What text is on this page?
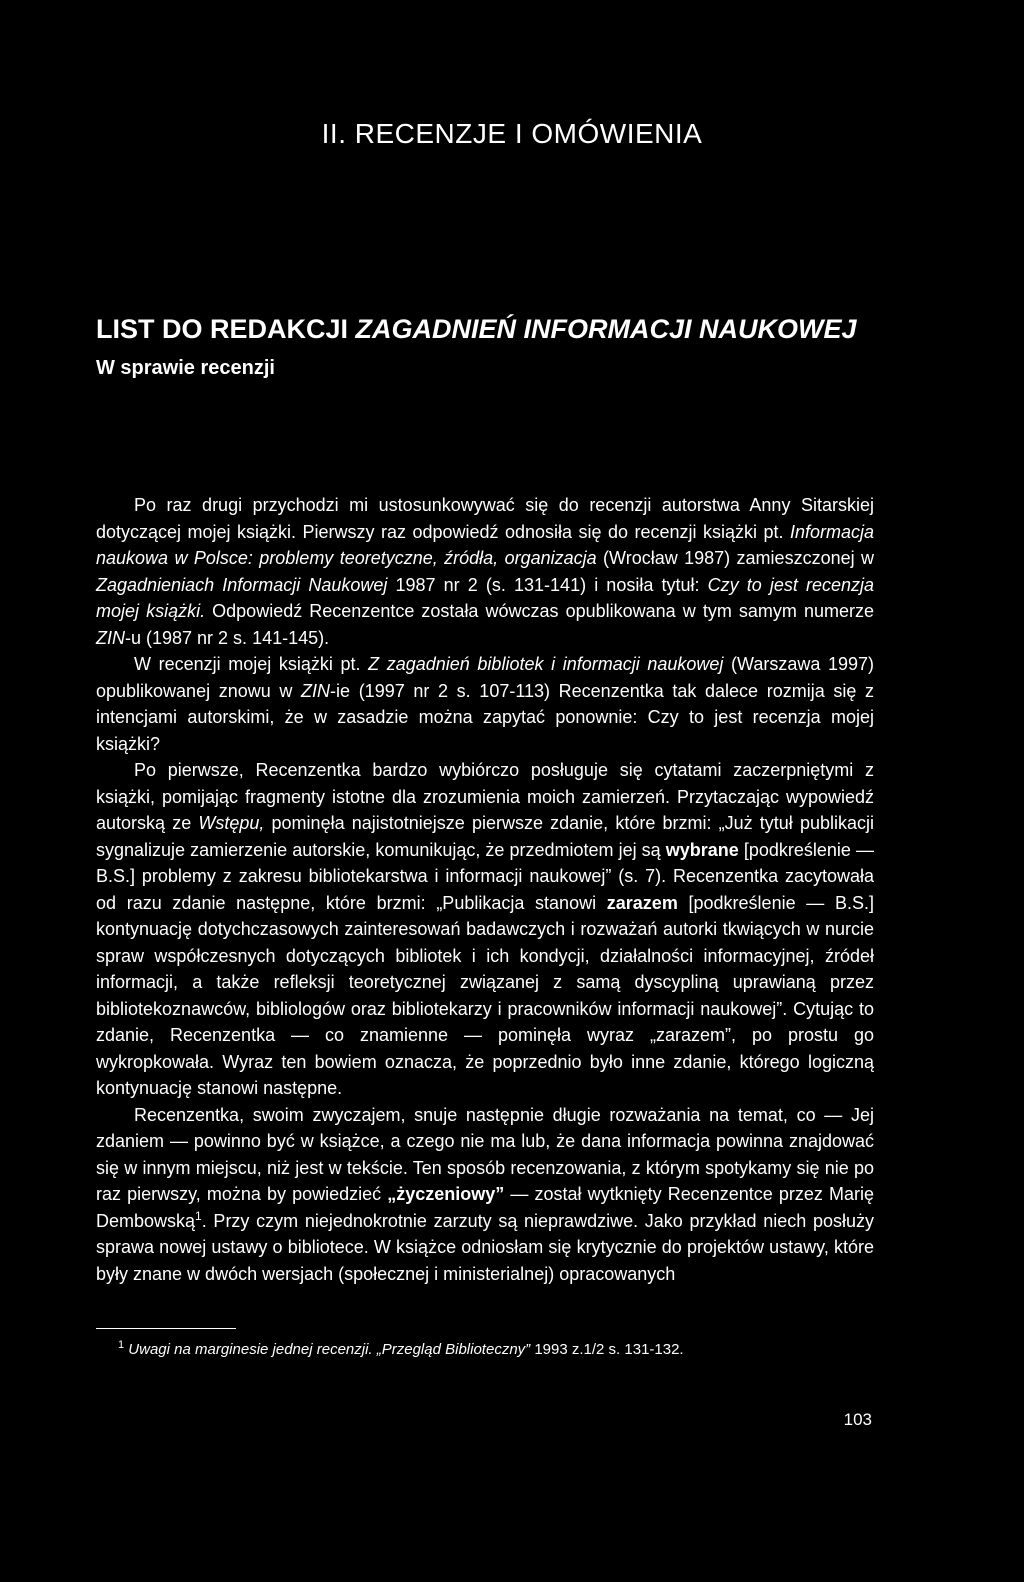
II. RECENZJE I OMÓWIENIA
LIST DO REDAKCJI ZAGADNIEŃ INFORMACJI NAUKOWEJ
W sprawie recenzji

Po raz drugi przychodzi mi ustosunkowywać się do recenzji autorstwa Anny Sitarskiej dotyczącej mojej książki. Pierwszy raz odpowiedź odnosiła się do recenzji książki pt. Informacja naukowa w Polsce: problemy teoretyczne, źródła, organizacja (Wrocław 1987) zamieszczonej w Zagadnieniach Informacji Naukowej 1987 nr 2 (s. 131-141) i nosiła tytuł: Czy to jest recenzja mojej książki. Odpowiedź Recenzentce została wówczas opublikowana w tym samym numerze ZIN-u (1987 nr 2 s. 141-145).

W recenzji mojej książki pt. Z zagadnień bibliotek i informacji naukowej (Warszawa 1997) opublikowanej znowu w ZIN-ie (1997 nr 2 s. 107-113) Recenzentka tak dalece rozmija się z intencjami autorskimi, że w zasadzie można zapytać ponownie: Czy to jest recenzja mojej książki?

Po pierwsze, Recenzentka bardzo wybiórczo posługuje się cytatami zaczerpniętymi z książki, pomijając fragmenty istotne dla zrozumienia moich zamierzeń. Przytaczając wypowiedź autorską ze Wstępu, pominęła najistotniejsze pierwsze zdanie, które brzmi: „Już tytuł publikacji sygnalizuje zamierzenie autorskie, komunikując, że przedmiotem jej są wybrane [podkreślenie — B.S.] problemy z zakresu bibliotekarstwa i informacji naukowej” (s. 7). Recenzentka zacytowała od razu zdanie następne, które brzmi: „Publikacja stanowi zarazem [podkreślenie — B.S.] kontynuację dotychczasowych zainteresowań badawczych i rozważań autorki tkwiących w nurcie spraw współczesnych dotyczących bibliotek i ich kondycji, działalności informacyjnej, źródeł informacji, a także refleksji teoretycznej związanej z samą dyscypliną uprawianą przez bibliotekoznawców, bibliologów oraz bibliotekarzy i pracowników informacji naukowej”. Cytując to zdanie, Recenzentka — co znamienne — pominęła wyraz „zarazem”, po prostu go wykropkowała. Wyraz ten bowiem oznacza, że poprzednio było inne zdanie, którego logiczną kontynuację stanowi następne.

Recenzentka, swoim zwyczajem, snuje następnie długie rozważania na temat, co — Jej zdaniem — powinno być w książce, a czego nie ma lub, że dana informacja powinna znajdować się w innym miejscu, niż jest w tekście. Ten sposób recenzowania, z którym spotykamy się nie po raz pierwszy, można by powiedzieć „życzeniowy” — został wytknięty Recenzentce przez Marię Dembowską$^1$. Przy czym niejednokrotnie zarzuty są nieprawdziwe. Jako przykład niech posłuży sprawa nowej ustawy o bibliotece. W książce odniosłam się krytycznie do projektów ustawy, które były znane w dwóch wersjach (społecznej i ministerialnej) opracowanych

$^1$ Uwagi na marginesie jednej recenzji. „Przegląd Biblioteczny” 1993 z.1/2 s. 131-132.
103
